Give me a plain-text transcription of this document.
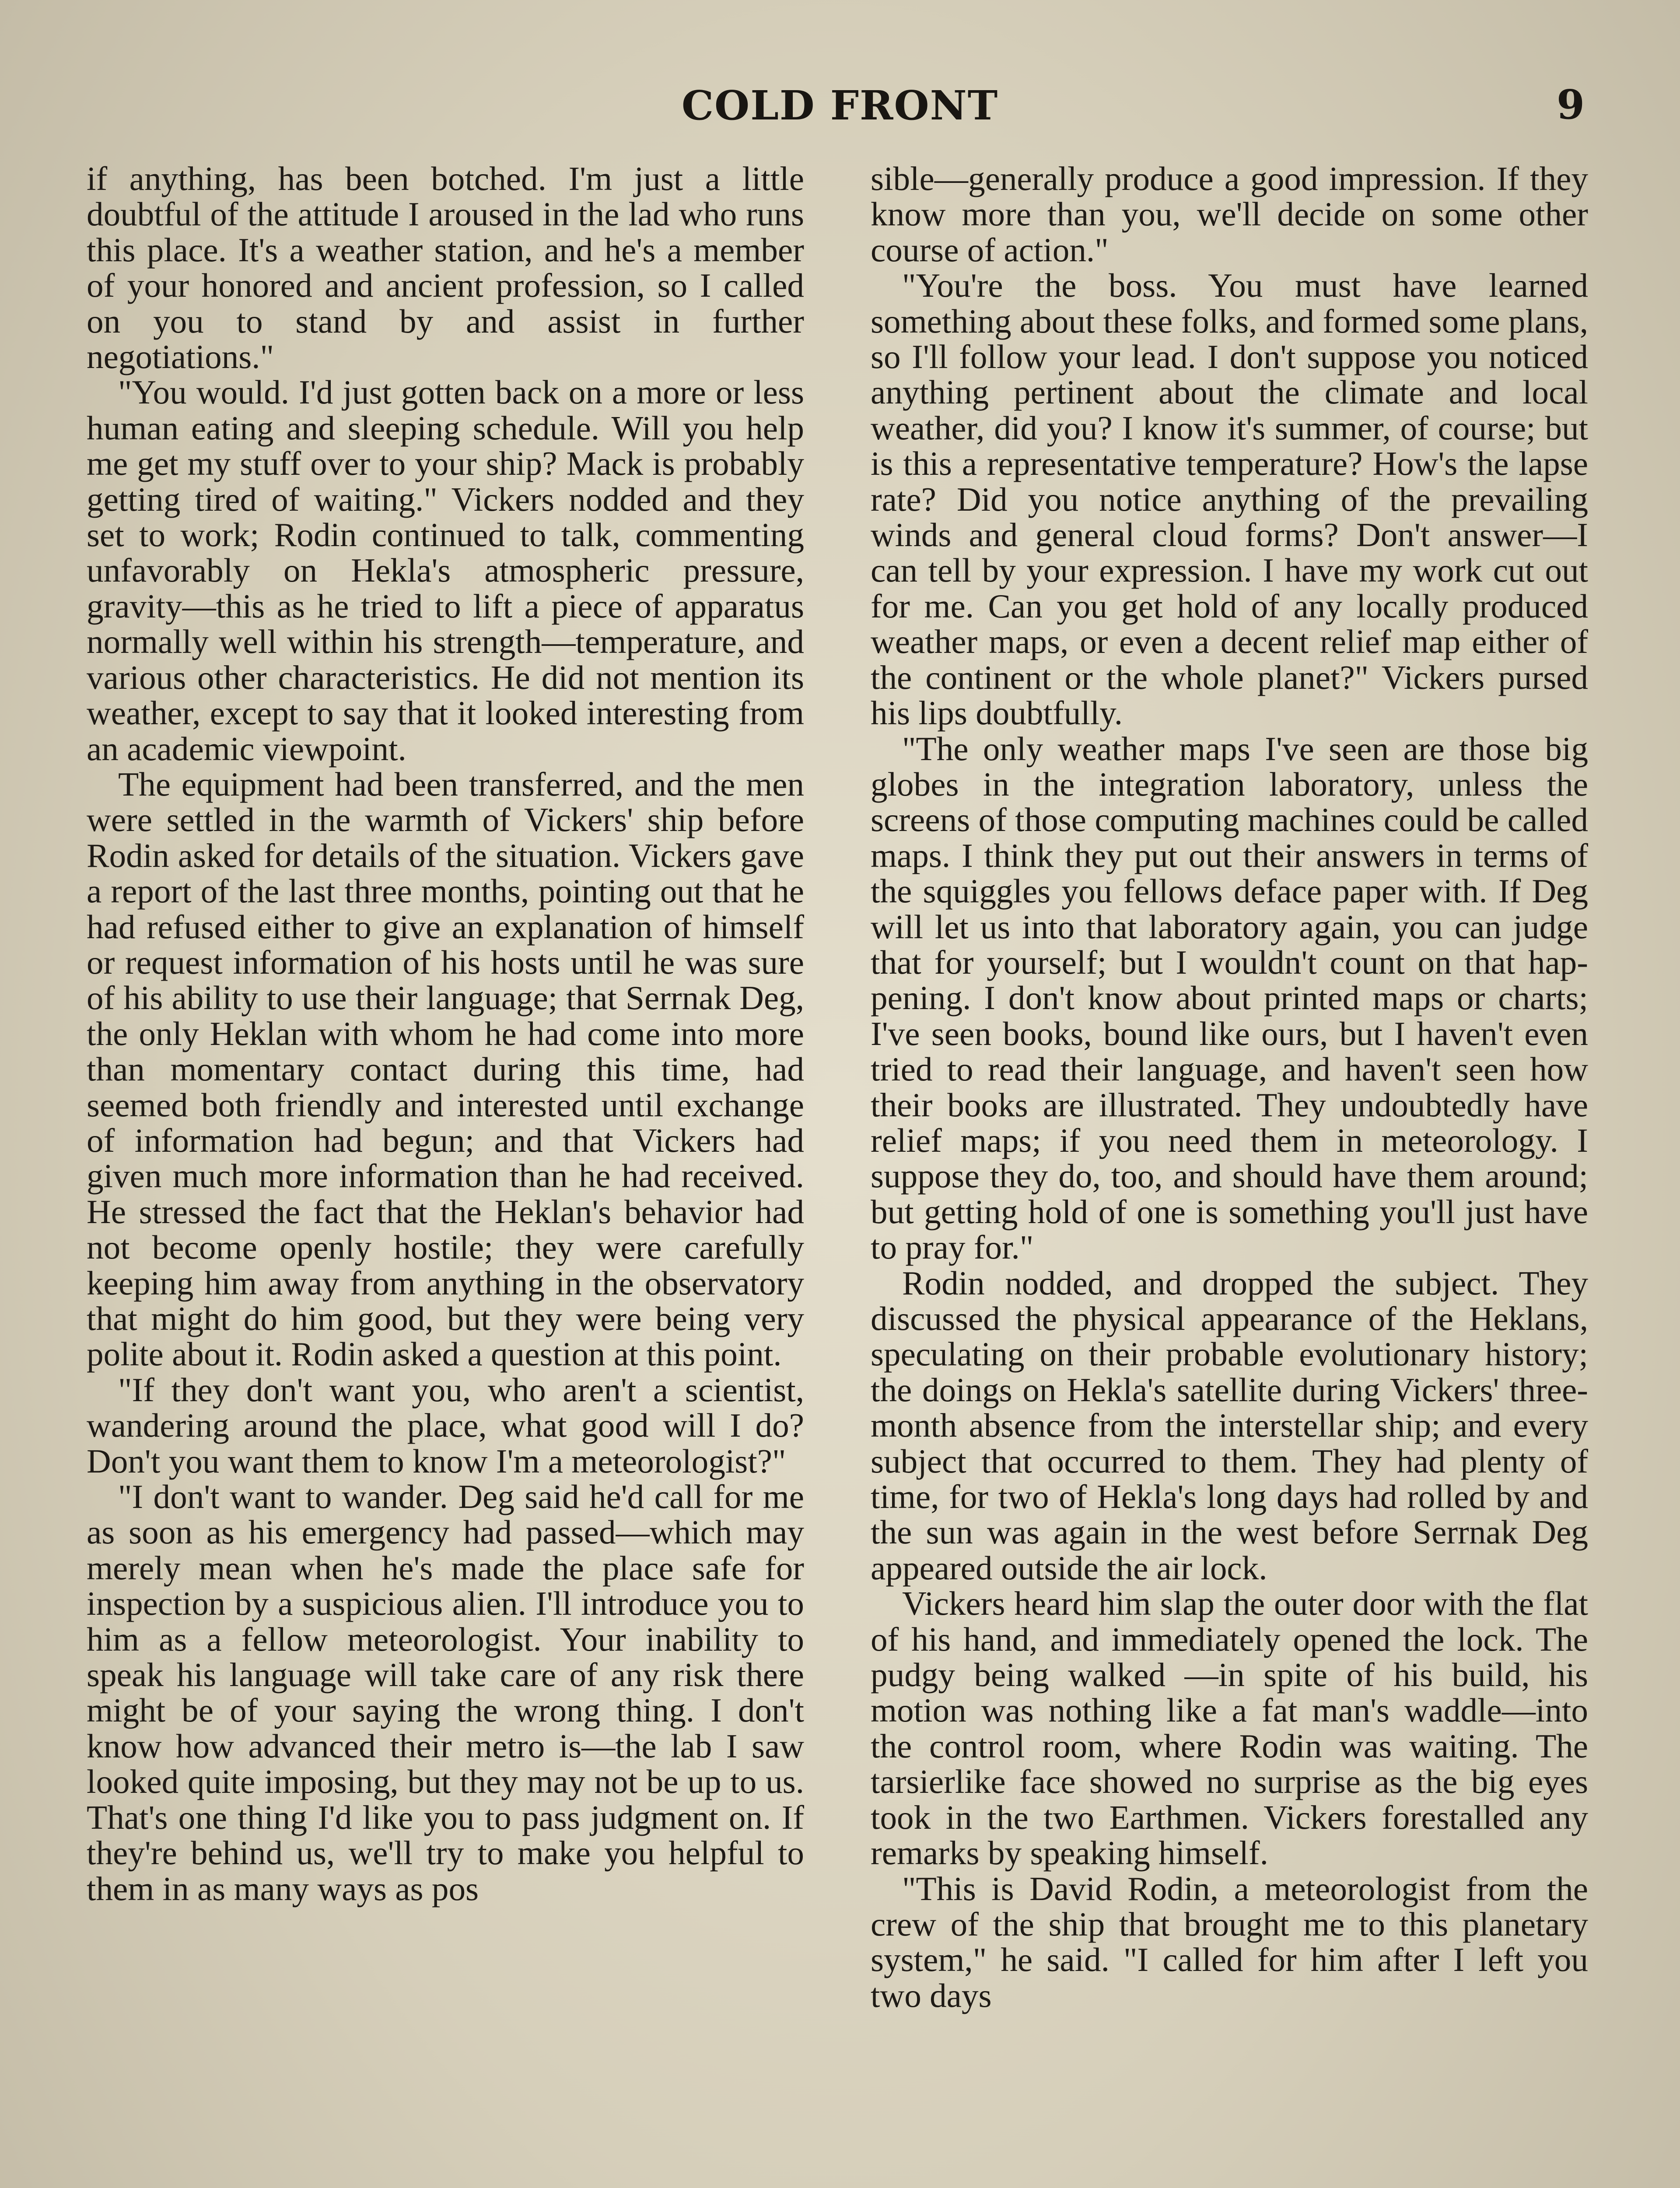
COLD FRONT	9

if anything, has been botched. I'm just a little doubtful of the attitude I aroused in the lad who runs this place. It's a weather station, and he's a member of your honored and ancient profession, so I called on you to stand by and assist in further negotiations."

"You would. I'd just gotten back on a more or less human eating and sleeping schedule. Will you help me get my stuff over to your ship? Mack is probably getting tired of waiting." Vickers nodded and they set to work; Rodin continued to talk, commenting unfavorably on Hekla's atmospheric pressure, gravity—this as he tried to lift a piece of apparatus normally well within his strength—temperature, and various other characteristics. He did not mention its weather, except to say that it looked interesting from an academic viewpoint.

The equipment had been transferred, and the men were settled in the warmth of Vickers' ship before Rodin asked for details of the situation. Vickers gave a report of the last three months, pointing out that he had refused either to give an explanation of himself or request information of his hosts until he was sure of his ability to use their language; that Serrnak Deg, the only Heklan with whom he had come into more than momentary contact during this time, had seemed both friendly and interested until exchange of information had begun; and that Vickers had given much more information than he had received. He stressed the fact that the Heklan's behavior had not become openly hostile; they were carefully keeping him away from anything in the observatory that might do him good, but they were being very polite about it. Rodin asked a question at this point.

"If they don't want you, who aren't a scientist, wandering around the place, what good will I do? Don't you want them to know I'm a meteorologist?"

"I don't want to wander. Deg said he'd call for me as soon as his emergency had passed—which may merely mean when he's made the place safe for inspection by a suspicious alien. I'll introduce you to him as a fellow meteorologist. Your inability to speak his language will take care of any risk there might be of your saying the wrong thing. I don't know how advanced their metro is—the lab I saw looked quite imposing, but they may not be up to us. That's one thing I'd like you to pass judgment on. If they're behind us, we'll try to make you helpful to them in as many ways as pos

sible—generally produce a good impression. If they know more than you, we'll decide on some other course of action."

"You're the boss. You must have learned something about these folks, and formed some plans, so I'll follow your lead. I don't suppose you noticed anything pertinent about the climate and local weather, did you? I know it's summer, of course; but is this a representative temperature? How's the lapse rate? Did you notice anything of the prevailing winds and general cloud forms? Don't answer—I can tell by your expression. I have my work cut out for me. Can you get hold of any locally produced weather maps, or even a decent relief map either of the continent or the whole planet?" Vickers pursed his lips doubtfully.

"The only weather maps I've seen are those big globes in the integration laboratory, unless the screens of those computing machines could be called maps. I think they put out their answers in terms of the squiggles you fellows deface paper with. If Deg will let us into that laboratory again, you can judge that for yourself; but I wouldn't count on that happening. I don't know about printed maps or charts; I've seen books, bound like ours, but I haven't even tried to read their language, and haven't seen how their books are illustrated. They undoubtedly have relief maps; if you need them in meteorology. I suppose they do, too, and should have them around; but getting hold of one is something you'll just have to pray for."

Rodin nodded, and dropped the subject. They discussed the physical appearance of the Heklans, speculating on their probable evolutionary history; the doings on Hekla's satellite during Vickers' three-month absence from the interstellar ship; and every subject that occurred to them. They had plenty of time, for two of Hekla's long days had rolled by and the sun was again in the west before Serrnak Deg appeared outside the air lock.

Vickers heard him slap the outer door with the flat of his hand, and immediately opened the lock. The pudgy being walked —in spite of his build, his motion was nothing like a fat man's waddle—into the control room, where Rodin was waiting. The tarsierlike face showed no surprise as the big eyes took in the two Earthmen. Vickers forestalled any remarks by speaking himself.

"This is David Rodin, a meteorologist from the crew of the ship that brought me to this planetary system," he said. "I called for him after I left you two days
